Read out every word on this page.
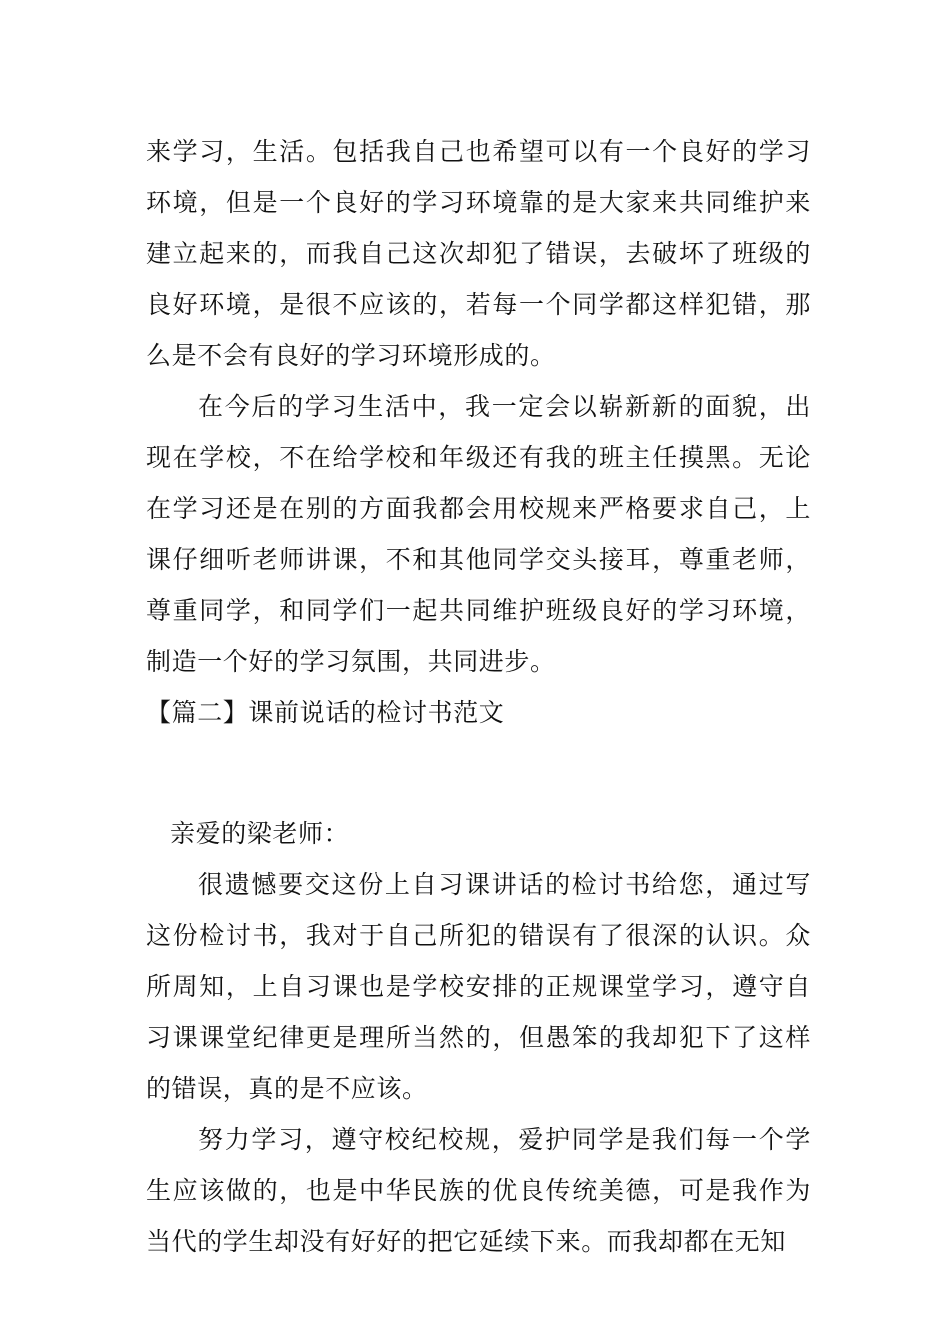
来学习，生活。包括我自己也希望可以有一个良好的学习环境，但是一个良好的学习环境靠的是大家来共同维护来建立起来的，而我自己这次却犯了错误，去破坏了班级的良好环境，是很不应该的，若每一个同学都这样犯错，那么是不会有良好的学习环境形成的。

在今后的学习生活中，我一定会以崭新新的面貌，出现在学校，不在给学校和年级还有我的班主任摸黑。无论在学习还是在别的方面我都会用校规来严格要求自己，上课仔细听老师讲课，不和其他同学交头接耳，尊重老师，尊重同学，和同学们一起共同维护班级良好的学习环境，制造一个好的学习氛围，共同进步。

【篇二】课前说话的检讨书范文

亲爱的梁老师：

很遗憾要交这份上自习课讲话的检讨书给您，通过写这份检讨书，我对于自己所犯的错误有了很深的认识。众所周知，上自习课也是学校安排的正规课堂学习，遵守自习课课堂纪律更是理所当然的，但愚笨的我却犯下了这样的错误，真的是不应该。

努力学习，遵守校纪校规，爱护同学是我们每一个学生应该做的，也是中华民族的优良传统美德，可是我作为当代的学生却没有好好的把它延续下来。而我却都在无知
